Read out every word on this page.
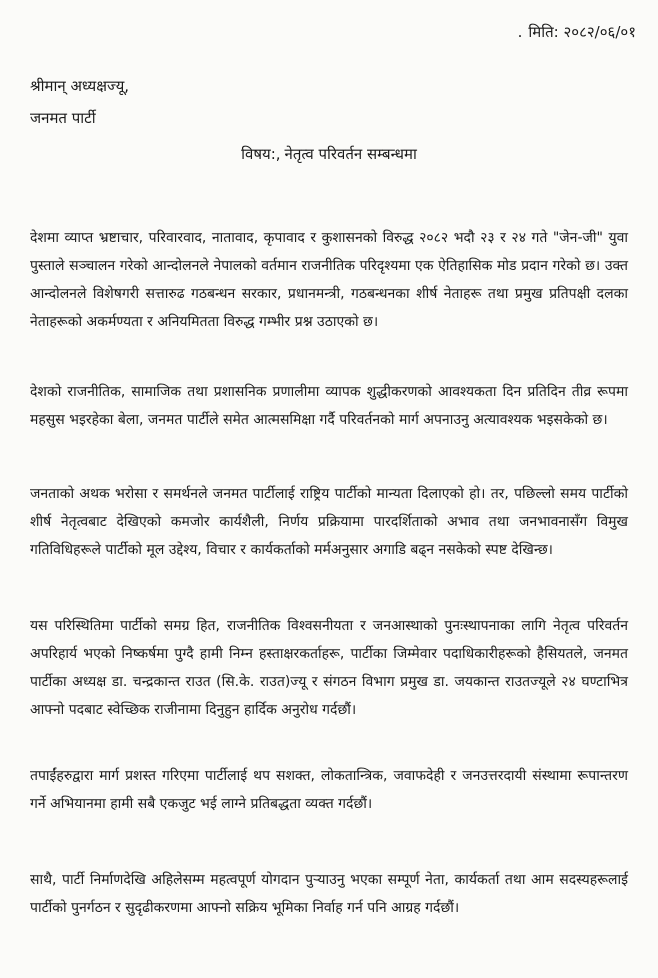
. मिति: २०८२/०६/०१
श्रीमान् अध्यक्षज्यू,
जनमत पार्टी
विषय:, नेतृत्व परिवर्तन सम्बन्धमा
देशमा व्याप्त भ्रष्टाचार, परिवारवाद, नातावाद, कृपावाद र कुशासनको विरुद्ध २०८२ भदौ २३ र २४ गते "जेन-जी" युवा पुस्ताले सञ्चालन गरेको आन्दोलनले नेपालको वर्तमान राजनीतिक परिदृश्यमा एक ऐतिहासिक मोड प्रदान गरेको छ। उक्त आन्दोलनले विशेषगरी सत्तारुढ गठबन्धन सरकार, प्रधानमन्त्री, गठबन्धनका शीर्ष नेताहरू तथा प्रमुख प्रतिपक्षी दलका नेताहरूको अकर्मण्यता र अनियमितता विरुद्ध गम्भीर प्रश्न उठाएको छ।
देशको राजनीतिक, सामाजिक तथा प्रशासनिक प्रणालीमा व्यापक शुद्धीकरणको आवश्यकता दिन प्रतिदिन तीव्र रूपमा महसुस भइरहेका बेला, जनमत पार्टीले समेत आत्मसमिक्षा गर्दै परिवर्तनको मार्ग अपनाउनु अत्यावश्यक भइसकेको छ।
जनताको अथक भरोसा र समर्थनले जनमत पार्टीलाई राष्ट्रिय पार्टीको मान्यता दिलाएको हो। तर, पछिल्लो समय पार्टीको शीर्ष नेतृत्वबाट देखिएको कमजोर कार्यशैली, निर्णय प्रक्रियामा पारदर्शिताको अभाव तथा जनभावनासँग विमुख गतिविधिहरूले पार्टीको मूल उद्देश्य, विचार र कार्यकर्ताको मर्मअनुसार अगाडि बढ्न नसकेको स्पष्ट देखिन्छ।
यस परिस्थितिमा पार्टीको समग्र हित, राजनीतिक विश्वसनीयता र जनआस्थाको पुनःस्थापनाका लागि नेतृत्व परिवर्तन अपरिहार्य भएको निष्कर्षमा पुग्दै हामी निम्न हस्ताक्षरकर्ताहरू, पार्टीका जिम्मेवार पदाधिकारीहरूको हैसियतले, जनमत पार्टीका अध्यक्ष डा. चन्द्रकान्त राउत (सि.के. राउत)ज्यू र संगठन विभाग प्रमुख डा. जयकान्त राउतज्यूले २४ घण्टाभित्र आफ्नो पदबाट स्वेच्छिक राजीनामा दिनुहुन हार्दिक अनुरोध गर्दछौं।
तपाईंहरुद्वारा मार्ग प्रशस्त गरिएमा पार्टीलाई थप सशक्त, लोकतान्त्रिक, जवाफदेही र जनउत्तरदायी संस्थामा रूपान्तरण गर्ने अभियानमा हामी सबै एकजुट भई लाग्ने प्रतिबद्धता व्यक्त गर्दछौं।
साथै, पार्टी निर्माणदेखि अहिलेसम्म महत्वपूर्ण योगदान पुर्‍याउनु भएका सम्पूर्ण नेता, कार्यकर्ता तथा आम सदस्यहरूलाई पार्टीको पुनर्गठन र सुदृढीकरणमा आफ्नो सक्रिय भूमिका निर्वाह गर्न पनि आग्रह गर्दछौं।
